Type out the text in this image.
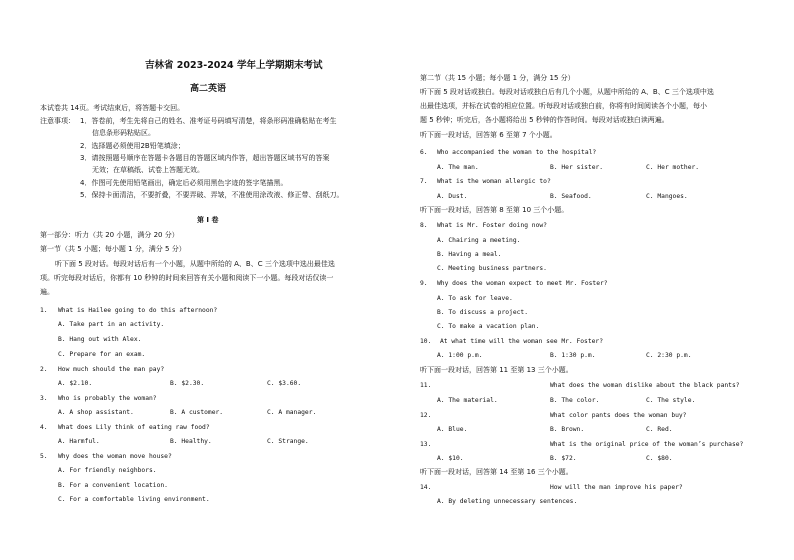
吉林省 2023-2024 学年上学期期末考试
高二英语
本试卷共 14页。考试结束后，将答题卡交回。
注意事项： 1．答卷前，考生先将自己的姓名、准考证号码填写清楚，将条形码准确粘贴在考生
信息条形码粘贴区。
2．选择题必须使用2B铅笔填涂；
3．请按照题号顺序在答题卡各题目的答题区域内作答，超出答题区域书写的答案
无效；在草稿纸、试卷上答题无效。
4．作图可先使用铅笔画出，确定后必须用黑色字迹的签字笔描黑。
5．保持卡面清洁，不要折叠，不要弄破、弄皱，不准使用涂改液、修正带、刮纸刀。
第 I 卷
第一部分：听力（共 20 小题，满分 20 分）
第一节（共 5 小题；每小题 1 分，满分 5 分）
听下面 5 段对话。每段对话后有一个小题，从题中所给的 A、B、C 三个选项中选出最佳选
项。听完每段对话后，你都有 10 秒钟的时间来回答有关小题和阅读下一小题。每段对话仅读一
遍。
1. What is Hailee going to do this afternoon?
A. Take part in an activity.
B. Hang out with Alex.
C. Prepare for an exam.
2. How much should the man pay?
A. $2.10.	B. $2.30.	C. $3.60.
3. Who is probably the woman?
A. A shop assistant.	B. A customer.	C. A manager.
4. What does Lily think of eating raw food?
A. Harmful.	B. Healthy.	C. Strange.
5. Why does the woman move house?
A. For friendly neighbors.
B. For a convenient location.
C. For a comfortable living environment.
第二节（共 15 小题；每小题 1 分，满分 15 分）
听下面 5 段对话或独白。每段对话或独白后有几个小题，从题中所给的 A、B、C 三个选项中选
出最佳选项，并标在试卷的相应位置。听每段对话或独白前，你将有时间阅读各个小题，每小
题 5 秒钟；听完后，各小题将给出 5 秒钟的作答时间。每段对话或独白读两遍。
听下面一段对话，回答第 6 至第 7 个小题。
6. Who accompanied the woman to the hospital?
A. The man.	B. Her sister.	C. Her mother.
7. What is the woman allergic to?
A. Dust.	B. Seafood.	C. Mangoes.
听下面一段对话，回答第 8 至第 10 三个小题。
8. What is Mr. Foster doing now?
A. Chairing a meeting.
B. Having a meal.
C. Meeting business partners.
9. Why does the woman expect to meet Mr. Foster?
A. To ask for leave.
B. To discuss a project.
C. To make a vacation plan.
10. At what time will the woman see Mr. Foster?
A. 1:00 p.m.	B. 1:30 p.m.	C. 2:30 p.m.
听下面一段对话，回答第 11 至第 13 三个小题。
11.	What does the woman dislike about the black pants?
A. The material.	B. The color.	C. The style.
12.	What color pants does the woman buy?
A. Blue.	B. Brown.	C. Red.
13.	What is the original price of the woman’s purchase?
A. $10.	B. $72.	C. $80.
听下面一段对话，回答第 14 至第 16 三个小题。
14.	How will the man improve his paper?
A. By deleting unnecessary sentences.
